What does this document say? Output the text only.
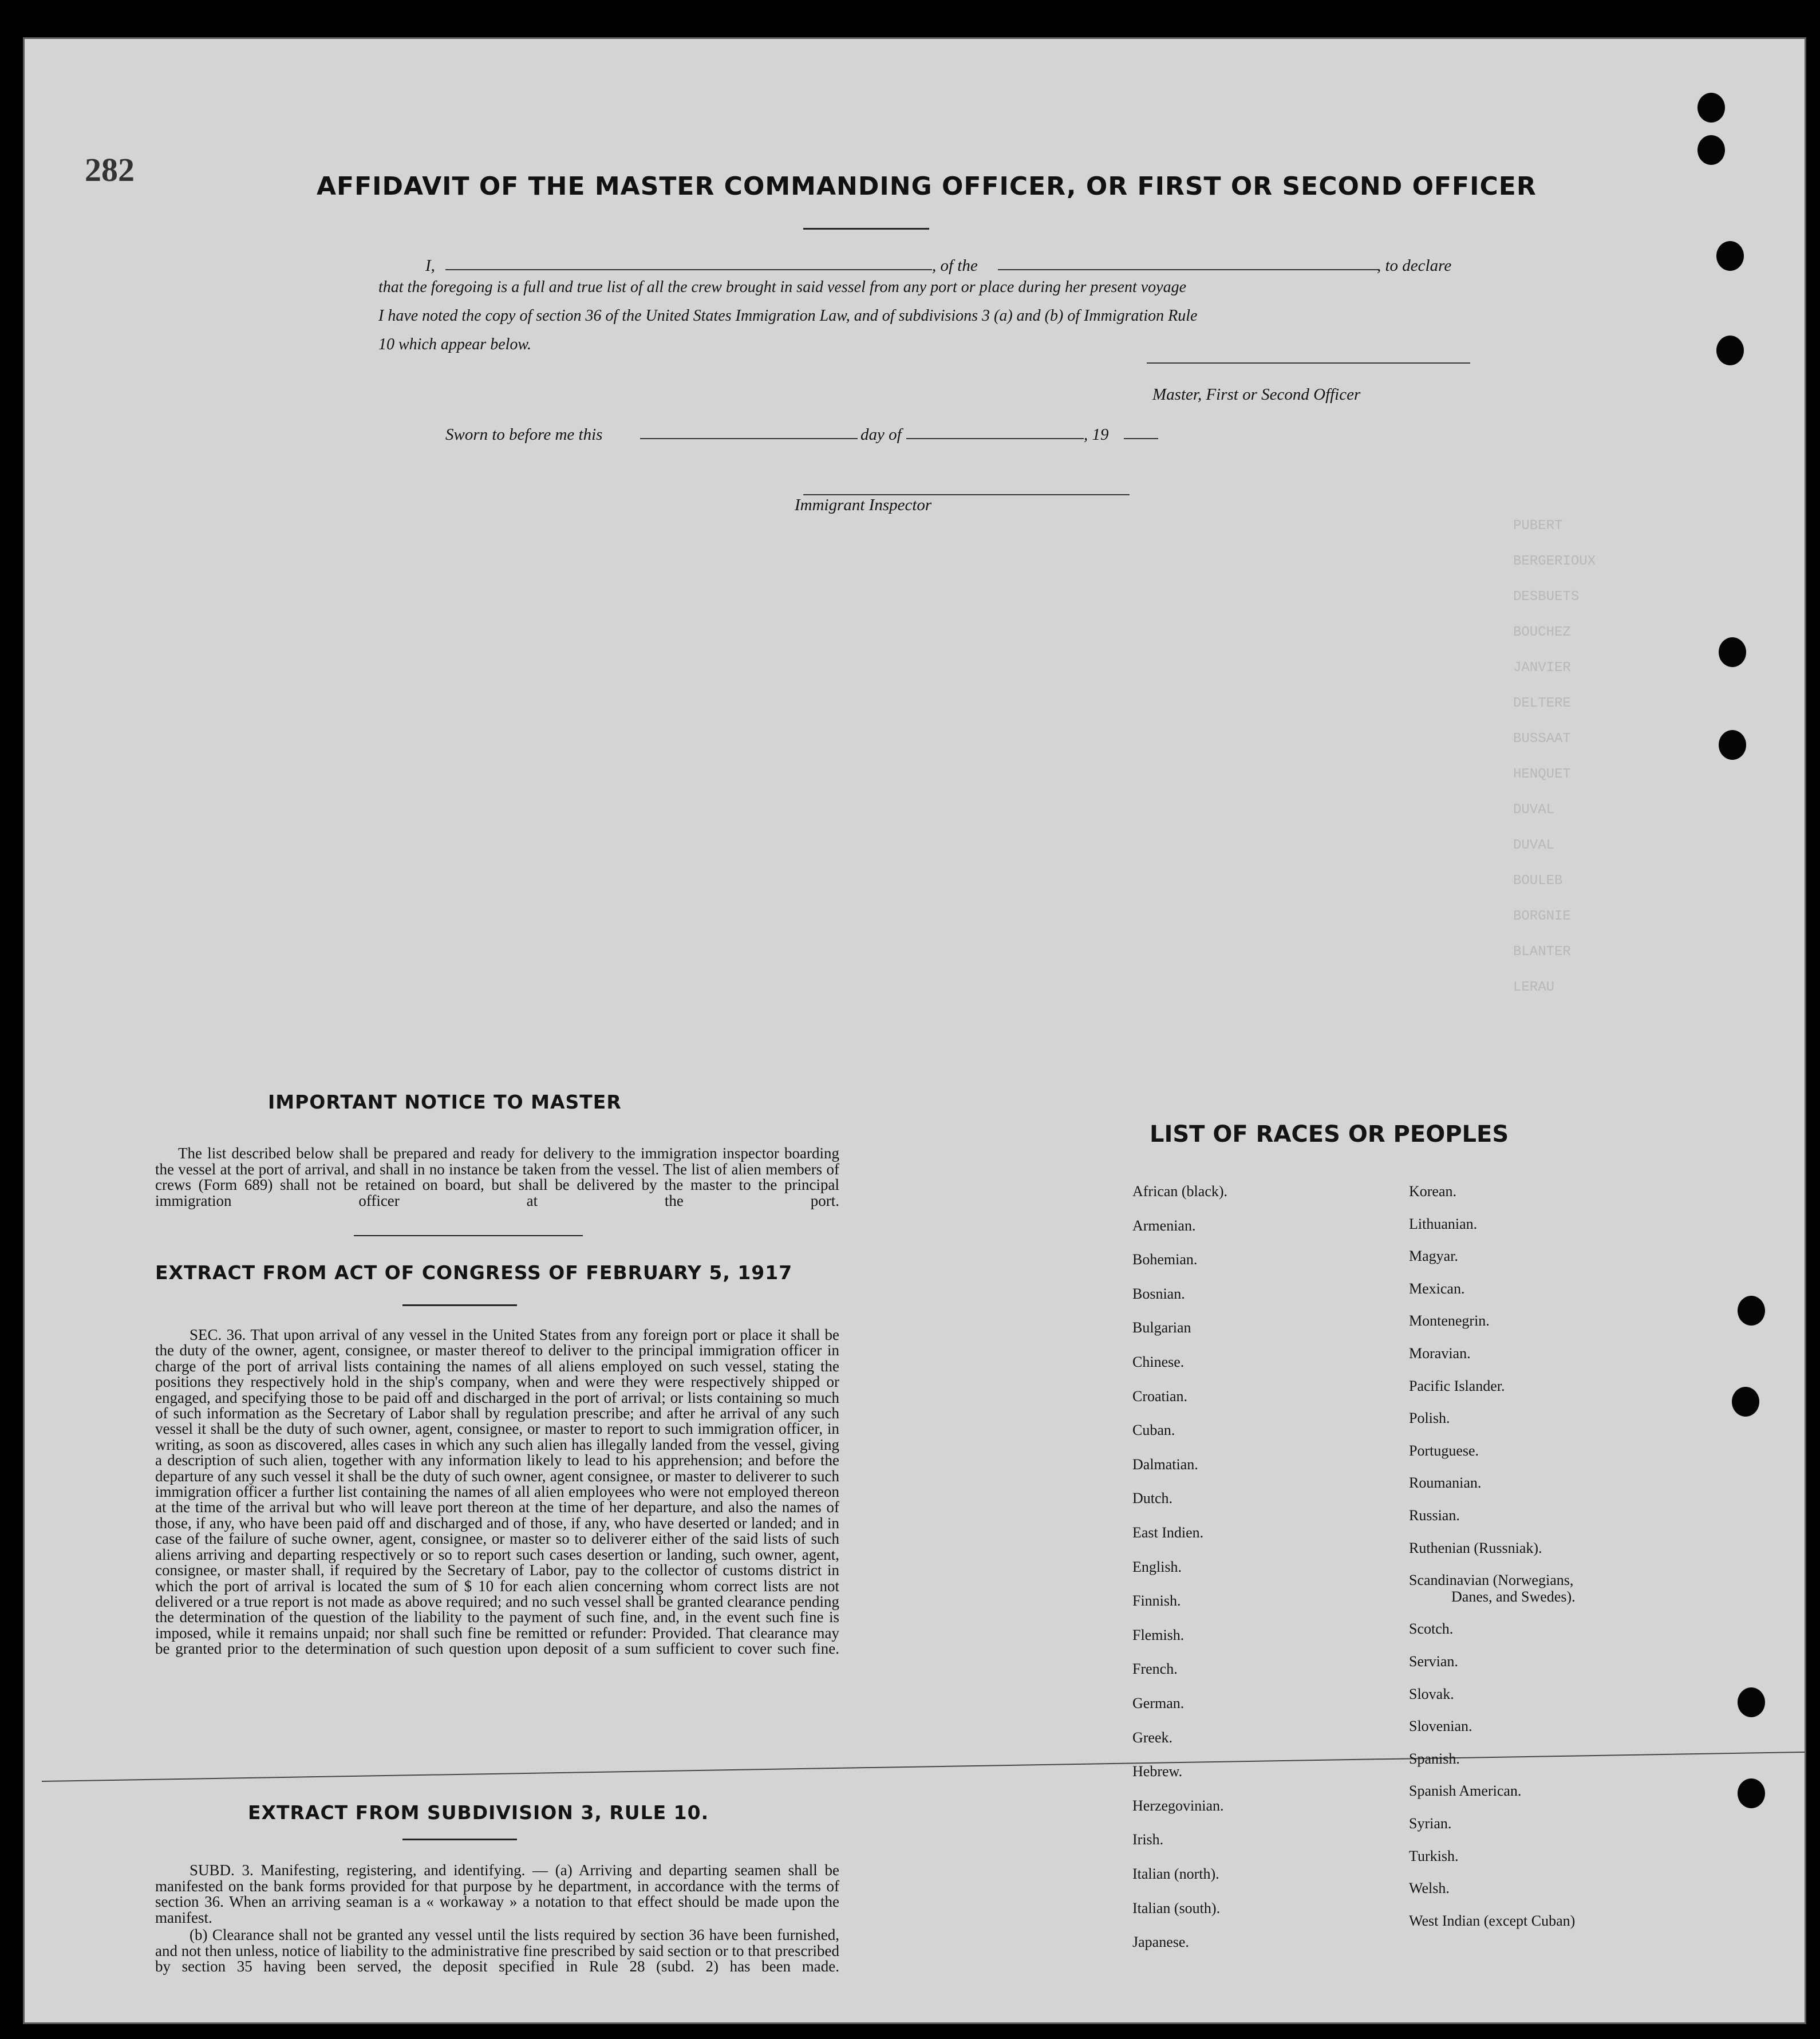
PUBERT
BERGERIOUX
DESBUETS
BOUCHEZ
JANVIER
DELTERE
BUSSAAT
HENQUET
DUVAL
DUVAL
BOULEB
BORGNIE
BLANTER
LERAU
282	AFFIDAVIT OF THE MASTER COMMANDING OFFICER, OR FIRST OR SECOND OFFICER
I,	, of the	, to declare
that the foregoing is a full and true list of all the crew brought in said vessel from any port or place during her present voyage
I have noted the copy of section 36 of the United States Immigration Law, and of subdivisions 3 (a) and (b) of Immigration Rule
10 which appear below.
Master, First or Second Officer
Sworn to before me this	day of	, 19
Immigrant Inspector
IMPORTANT NOTICE TO MASTER
The list described below shall be prepared and ready for delivery to the immigration inspector boarding the vessel at the port of arrival, and shall in no instance be taken from the vessel. The list of alien members of crews (Form 689) shall not be retained on board, but shall be delivered by the master to the principal immigration officer at the port.
EXTRACT FROM ACT OF CONGRESS OF FEBRUARY 5, 1917
SEC. 36. That upon arrival of any vessel in the United States from any foreign port or place it shall be the duty of the owner, agent, consignee, or master thereof to deliver to the principal immigration officer in charge of the port of arrival lists containing the names of all aliens employed on such vessel, stating the positions they respectively hold in the ship's company, when and were they were respectively shipped or engaged, and specifying those to be paid off and discharged in the port of arrival; or lists containing so much of such information as the Secretary of Labor shall by regulation prescribe; and after he arrival of any such vessel it shall be the duty of such owner, agent, consignee, or master to report to such immigration officer, in writing, as soon as discovered, alles cases in which any such alien has illegally landed from the vessel, giving a description of such alien, together with any information likely to lead to his apprehension; and before the departure of any such vessel it shall be the duty of such owner, agent consignee, or master to deliverer to such immigration officer a further list containing the names of all alien employees who were not employed thereon at the time of the arrival but who will leave port thereon at the time of her departure, and also the names of those, if any, who have been paid off and discharged and of those, if any, who have deserted or landed; and in case of the failure of suche owner, agent, consignee, or master so to deliverer either of the said lists of such aliens arriving and departing respectively or so to report such cases desertion or landing, such owner, agent, consignee, or master shall, if required by the Secretary of Labor, pay to the collector of customs district in which the port of arrival is located the sum of $ 10 for each alien concerning whom correct lists are not delivered or a true report is not made as above required; and no such vessel shall be granted clearance pending the determination of the question of the liability to the payment of such fine, and, in the event such fine is imposed, while it remains unpaid; nor shall such fine be remitted or refunder: Provided. That clearance may be granted prior to the determination of such question upon deposit of a sum sufficient to cover such fine.
EXTRACT FROM SUBDIVISION 3, RULE 10.
SUBD. 3. Manifesting, registering, and identifying. — (a) Arriving and departing seamen shall be manifested on the bank forms provided for that purpose by he department, in accordance with the terms of section 36. When an arriving seaman is a « workaway » a notation to that effect should be made upon the manifest.
(b) Clearance shall not be granted any vessel until the lists required by section 36 have been furnished, and not then unless, notice of liability to the administrative fine prescribed by said section or to that prescribed by section 35 having been served, the deposit specified in Rule 28 (subd. 2) has been made.
LIST OF RACES OR PEOPLES
African (black).
Armenian.
Bohemian.
Bosnian.
Bulgarian
Chinese.
Croatian.
Cuban.
Dalmatian.
Dutch.
East Indien.
English.
Finnish.
Flemish.
French.
German.
Greek.
Hebrew.
Herzegovinian.
Irish.
Italian (north).
Italian (south).
Japanese.
Korean.
Lithuanian.
Magyar.
Mexican.
Montenegrin.
Moravian.
Pacific Islander.
Polish.
Portuguese.
Roumanian.
Russian.
Ruthenian (Russniak).
Scandinavian (Norwegians,
Danes, and Swedes).
Scotch.
Servian.
Slovak.
Slovenian.
Spanish.
Spanish American.
Syrian.
Turkish.
Welsh.
West Indian (except Cuban)
